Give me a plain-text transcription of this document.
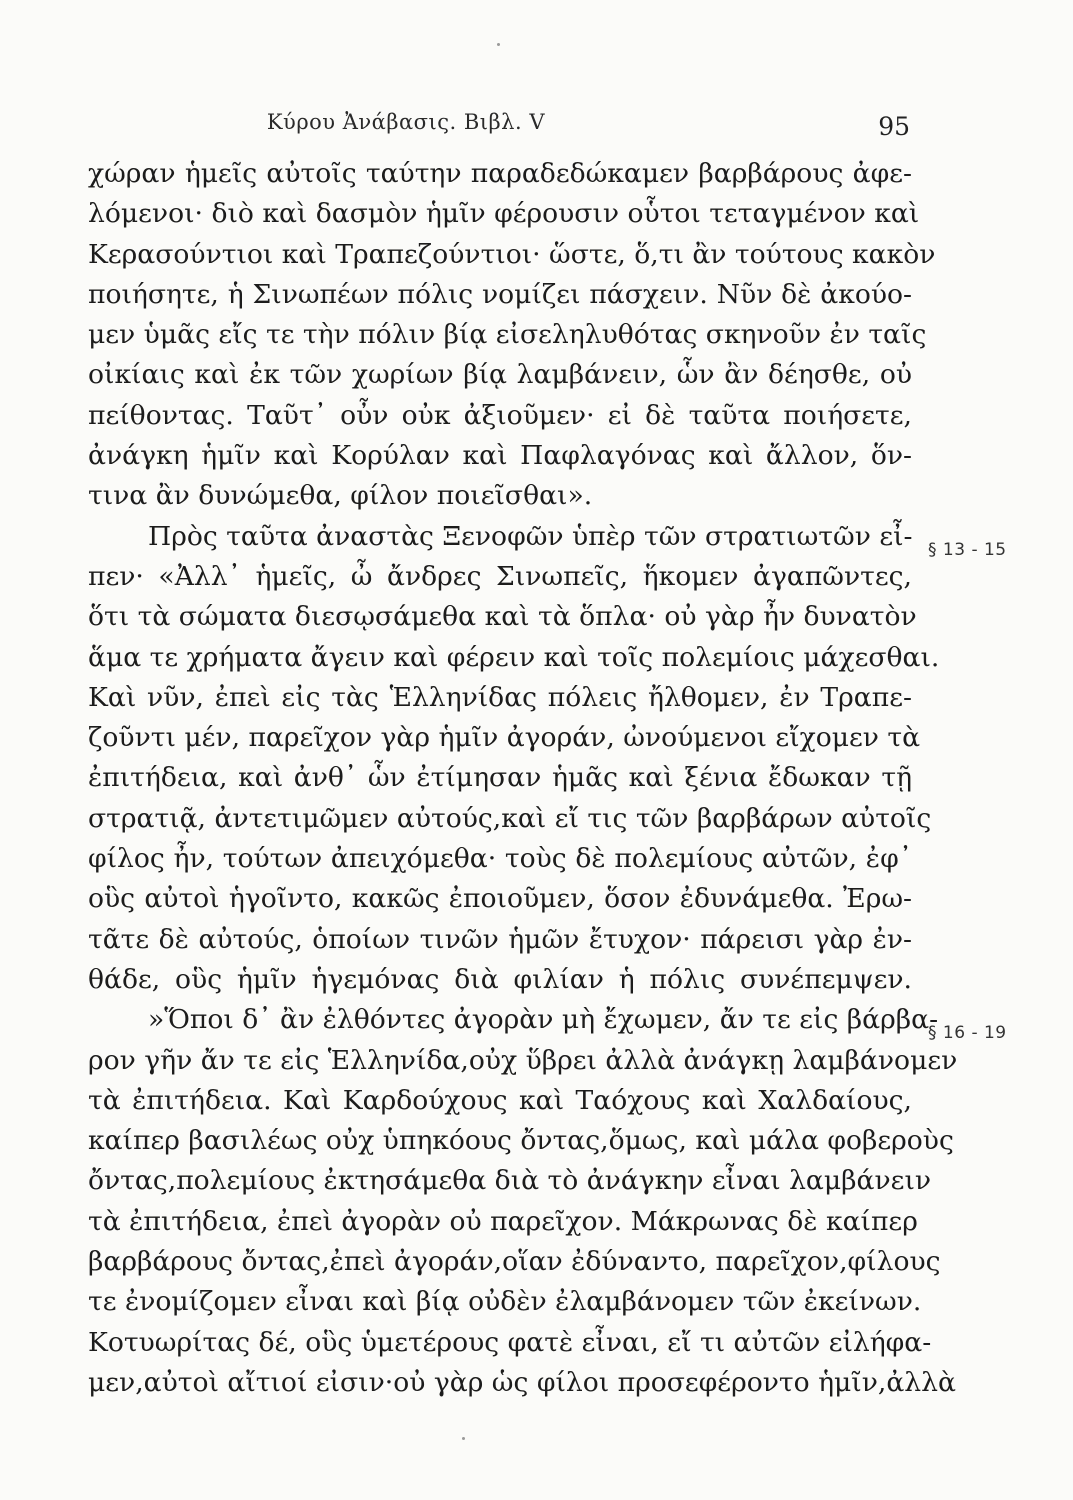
Κύρου Ἀνάβασις. Βιβλ. V	95
χώραν ἡμεῖς αὐτοῖς ταύτην παραδεδώκαμεν βαρβάρους ἀφε-
λόμενοι· διὸ καὶ δασμὸν ἡμῖν φέρουσιν οὗτοι τεταγμένον καὶ
Κερασούντιοι καὶ Τραπεζούντιοι· ὥστε, ὅ,τι ἂν τούτους κακὸν
ποιήσητε, ἡ Σινωπέων πόλις νομίζει πάσχειν. Νῦν δὲ ἀκούο-
μεν ὑμᾶς εἴς τε τὴν πόλιν βίᾳ εἰσεληλυθότας σκηνοῦν ἐν ταῖς
οἰκίαις καὶ ἐκ τῶν χωρίων βίᾳ λαμβάνειν, ὧν ἂν δέησθε, οὐ
πείθοντας. Ταῦτ᾽ οὖν οὐκ ἀξιοῦμεν· εἰ δὲ ταῦτα ποιήσετε,
ἀνάγκη ἡμῖν καὶ Κορύλαν καὶ Παφλαγόνας καὶ ἄλλον, ὅν-
τινα ἂν δυνώμεθα, φίλον ποιεῖσθαι».
Πρὸς ταῦτα ἀναστὰς Ξενοφῶν ὑπὲρ τῶν στρατιωτῶν εἶ-
πεν· «Ἀλλ᾽ ἡμεῖς, ὦ ἄνδρες Σινωπεῖς, ἥκομεν ἀγαπῶντες,
ὅτι τὰ σώματα διεσῳσάμεθα καὶ τὰ ὅπλα· οὐ γὰρ ἦν δυνατὸν
ἅμα τε χρήματα ἄγειν καὶ φέρειν καὶ τοῖς πολεμίοις μάχεσθαι.
Καὶ νῦν, ἐπεὶ εἰς τὰς Ἑλληνίδας πόλεις ἤλθομεν, ἐν Τραπε-
ζοῦντι μέν, παρεῖχον γὰρ ἡμῖν ἀγοράν, ὠνούμενοι εἴχομεν τὰ
ἐπιτήδεια, καὶ ἀνθ᾽ ὧν ἐτίμησαν ἡμᾶς καὶ ξένια ἔδωκαν τῇ
στρατιᾷ, ἀντετιμῶμεν αὐτούς,καὶ εἴ τις τῶν βαρβάρων αὐτοῖς
φίλος ἦν, τούτων ἀπειχόμεθα· τοὺς δὲ πολεμίους αὐτῶν, ἐφ᾽
οὓς αὐτοὶ ἡγοῖντο, κακῶς ἐποιοῦμεν, ὅσον ἐδυνάμεθα. Ἐρω-
τᾶτε δὲ αὐτούς, ὁποίων τινῶν ἡμῶν ἔτυχον· πάρεισι γὰρ ἐν-
θάδε, οὓς ἡμῖν ἡγεμόνας διὰ φιλίαν ἡ πόλις συνέπεμψεν.
»Ὅποι δ᾽ ἂν ἐλθόντες ἀγορὰν μὴ ἔχωμεν, ἄν τε εἰς βάρβα-
ρον γῆν ἄν τε εἰς Ἑλληνίδα,οὐχ ὕβρει ἀλλὰ ἀνάγκῃ λαμβάνομεν
τὰ ἐπιτήδεια. Καὶ Καρδούχους καὶ Ταόχους καὶ Χαλδαίους,
καίπερ βασιλέως οὐχ ὑπηκόους ὄντας,ὅμως, καὶ μάλα φοβεροὺς
ὄντας,πολεμίους ἐκτησάμεθα διὰ τὸ ἀνάγκην εἶναι λαμβάνειν
τὰ ἐπιτήδεια, ἐπεὶ ἀγορὰν οὐ παρεῖχον. Μάκρωνας δὲ καίπερ
βαρβάρους ὄντας,ἐπεὶ ἀγοράν,οἵαν ἐδύναντο, παρεῖχον,φίλους
τε ἐνομίζομεν εἶναι καὶ βίᾳ οὐδὲν ἐλαμβάνομεν τῶν ἐκείνων.
Κοτυωρίτας δέ, οὓς ὑμετέρους φατὲ εἶναι, εἴ τι αὐτῶν εἰλήφα-
μεν,αὐτοὶ αἴτιοί εἰσιν·οὐ γὰρ ὡς φίλοι προσεφέροντο ἡμῖν,ἀλλὰ
§ 13 - 15
§ 16 - 19
